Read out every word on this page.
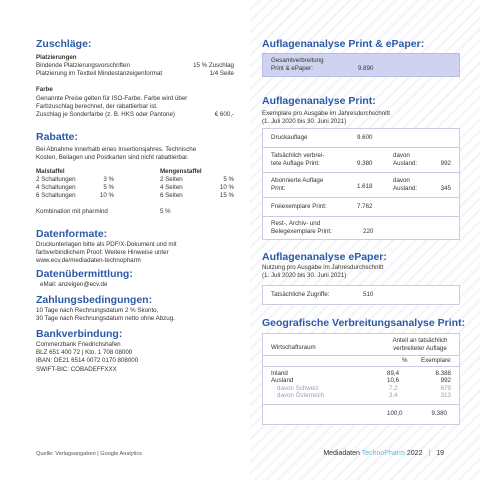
Zuschläge:
Platzierungen
Bindende Platzierungsvorschriften	15 % Zuschlag
Platzierung im Textteil Mindestanzeigenformat	1/4 Seite
Farbe
Genannte Preise gelten für ISO-Farbe. Farbe wird über
Farbzuschlag berechnet, der rabattierbar ist.
Zuschlag je Sonderfarbe (z. B. HKS oder Pantone)	€ 600,-
Rabatte:
Bei Abnahme innerhalb eines Insertionsjahres. Technische
Kosten, Beilagen und Postkarten sind nicht rabattierbar.
Malstaffel
2 Schaltungen	3 %
4 Schaltungen	5 %
6 Schaltungen	10 %
Mengenstaffel
2 Seiten	5 %
4 Seiten	10 %
6 Seiten	15 %
Kombination mit pharmind	5 %
Datenformate:
Druckunterlagen bitte als PDF/X-Dokument und mit
farbverbindlichem Proof. Weitere Hinweise unter
www.ecv.de/mediadaten-technopharm
Datenübermittlung:
eMail: anzeigen@ecv.de
Zahlungsbedingungen:
10 Tage nach Rechnungsdatum 2 % Skonto,
30 Tage nach Rechnungsdatum netto ohne Abzug.
Bankverbindung:
Commerzbank Friedrichshafen
BLZ 651 400 72 | Kto. 1 708 08000
IBAN: DE21 6514 0072 0170 808000
SWIFT-BIC: COBADEFFXXX
Auflagenanalyse Print & ePaper:
Gesamtverbreitung
Print & ePaper:	9.890
Auflagenanalyse Print:
Exemplare pro Ausgabe im Jahresdurchschnitt
(1. Juli 2020 bis 30. Juni 2021)
Druckauflage	9.600
Tatsächlich verbrei-
tete Auflage Print:	9.380
davon
Ausland:	992
Abonnierte Auflage
Print:	1.618
davon
Ausland:	345
Freiexemplare Print:	7.762
Rest-, Archiv- und
Belegexemplare Print:	220
Auflagenanalyse ePaper:
Nutzung pro Ausgabe im Jahresdurchschnitt
(1. Juli 2020 bis 30. Juni 2021)
Tatsächliche Zugriffe:	510
Geografische Verbreitungsanalyse Print:
Wirtschaftsraum
Anteil an tatsächlich
verbreiteter Auflage
% Exemplare
Inland	89,4	8.388
Ausland	10,6	992
davon Schweiz	7,2	679
davon Österreich	3,4	313
100,0	9.380
Quelle: Verlagsangaben | Google Analytics	Mediadaten TechnoPharm 2022 | 19
